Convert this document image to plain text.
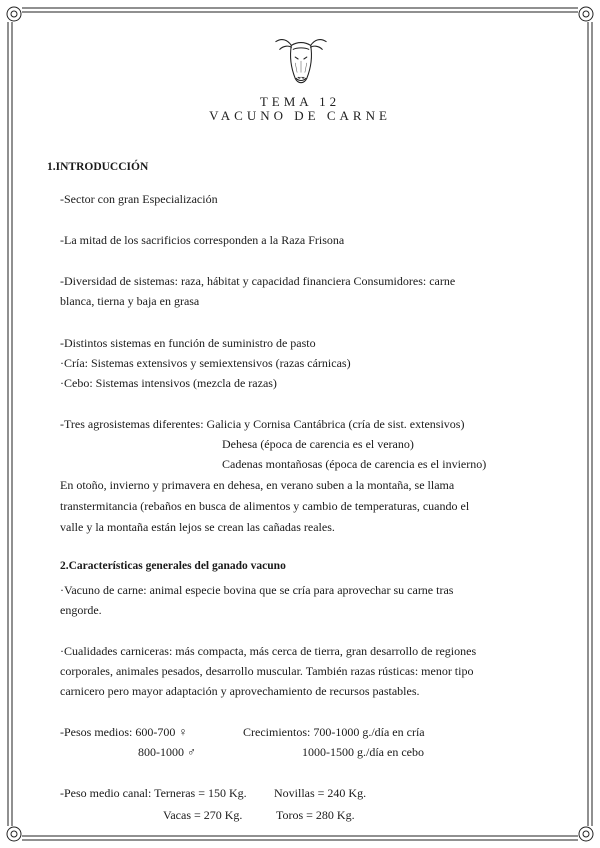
TEMA 12
VACUNO DE CARNE
1.INTRODUCCIÓN
-Sector con gran Especialización
-La mitad de los sacrificios corresponden a la Raza Frisona
-Diversidad de sistemas: raza, hábitat y capacidad financiera Consumidores: carne
blanca, tierna y baja en grasa
-Distintos sistemas en función de suministro de pasto
·Cría: Sistemas extensivos y semiextensivos (razas cárnicas)
·Cebo: Sistemas intensivos (mezcla de razas)
-Tres agrosistemas diferentes: Galicia y Cornisa Cantábrica (cría de sist. extensivos)
Dehesa (época de carencia es el verano)
Cadenas montañosas (época de carencia es el invierno)
En otoño, invierno y primavera en dehesa, en verano suben a la montaña, se llama
transtermitancia (rebaños en busca de alimentos y cambio de temperaturas, cuando el
valle y la montaña están lejos se crean las cañadas reales.
2.Características generales del ganado vacuno
·Vacuno de carne: animal especie bovina que se cría para aprovechar su carne tras
engorde.
·Cualidades carniceras: más compacta, más cerca de tierra, gran desarrollo de regiones
corporales, animales pesados, desarrollo muscular. También razas rústicas: menor tipo
carnicero pero mayor adaptación y aprovechamiento de recursos pastables.
-Pesos medios: 600-700 ♀	Crecimientos: 700-1000 g./día en cría
800-1000 ♂	1000-1500 g./día en cebo
-Peso medio canal: Terneras = 150 Kg. Novillas = 240 Kg.
Vacas = 270 Kg.	Toros = 280 Kg.
